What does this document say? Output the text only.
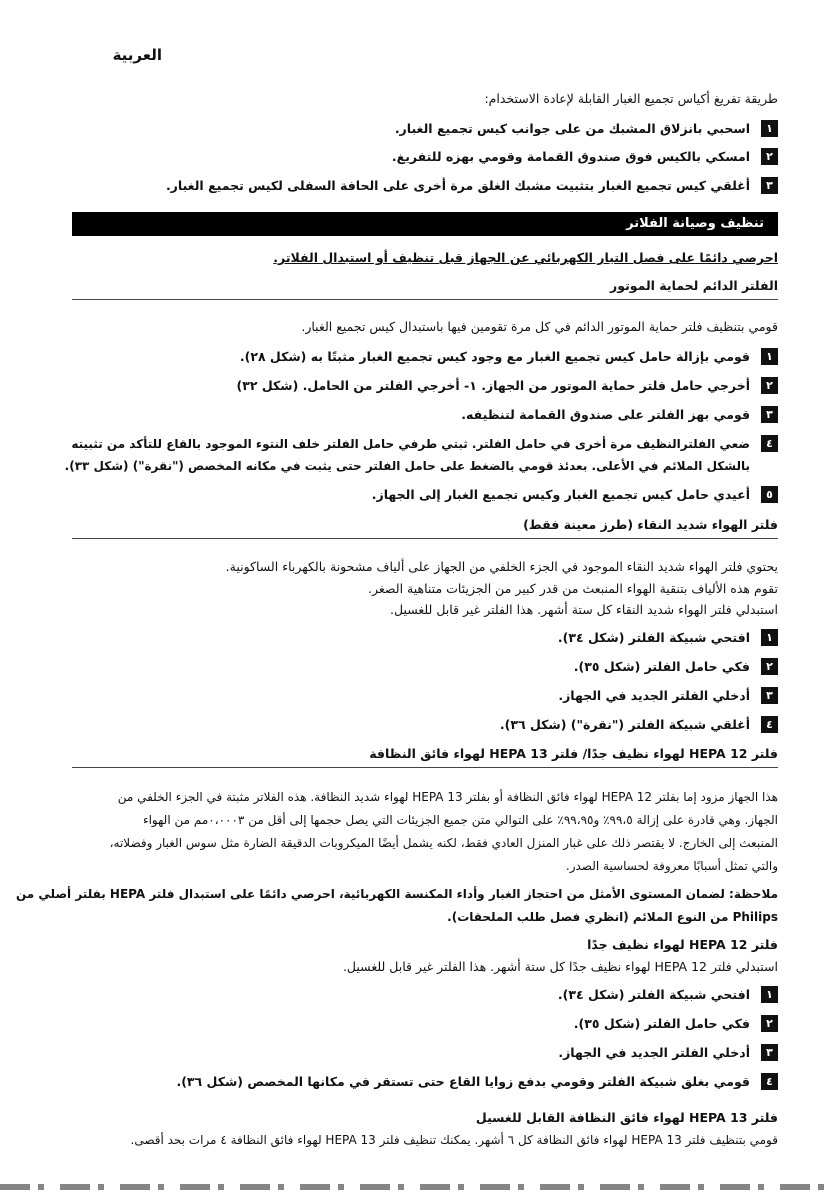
العربية
طريقة تفريغ أكياس تجميع الغبار القابلة لإعادة الاستخدام:
١
اسحبي بانزلاق المشبك من على جوانب كيس تجميع الغبار.
٢
امسكي بالكيس فوق صندوق القمامة وقومي بهزه للتفريغ.
٣
أغلقي كيس تجميع الغبار بتثبيت مشبك الغلق مرة أخرى على الحافة السفلى لكيس تجميع الغبار.
تنظيف وصيانة الفلاتر
احرصي دائمًا على فصل التيار الكهربائي عن الجهاز قبل تنظيف أو استبدال الفلاتر.
الفلتر الدائم لحماية الموتور
قومي بتنظيف فلتر حماية الموتور الدائم في كل مرة تقومين فيها باستبدال كيس تجميع الغبار.
١
قومي بإزالة حامل كيس تجميع الغبار مع وجود كيس تجميع الغبار مثبتًا به (شكل ٢٨).
٢
أخرجي حامل فلتر حماية الموتور من الجهاز. ١- أخرجي الفلتر من الحامل. (شكل ٣٢)
٣
قومي بهز الفلتر على صندوق القمامة لتنظيفه.
٤
ضعي الفلترالنظيف مرة أخرى في حامل الفلتر. ثبتي طرفي حامل الفلتر خلف النتوء الموجود بالقاع للتأكد من تثبيته بالشكل الملائم في الأعلى. بعدئذ قومي بالضغط على حامل الفلتر حتى يثبت في مكانه المخصص ("نقرة") (شكل ٣٣).
٥
أعيدي حامل كيس تجميع الغبار وكيس تجميع الغبار إلى الجهاز.
فلتر الهواء شديد النقاء (طرز معينة فقط)
يحتوي فلتر الهواء شديد النقاء الموجود في الجزء الخلفي من الجهاز على ألياف مشحونة بالكهرباء الساكونية.
تقوم هذه الألياف بتنقية الهواء المنبعث من قدر كبير من الجزيئات متناهية الصغر.
استبدلي فلتر الهواء شديد النقاء كل ستة أشهر. هذا الفلتر غير قابل للغسيل.
١
افتحي شبيكة الفلتر (شكل ٣٤).
٢
فكي حامل الفلتر (شكل ٣٥).
٣
أدخلي الفلتر الجديد في الجهاز.
٤
أغلقي شبيكة الفلتر ("نقرة") (شكل ٣٦).
فلتر HEPA 12 لهواء نظيف جدًا/ فلتر HEPA 13 لهواء فائق النظافة
هذا الجهاز مزود إما بفلتر HEPA 12 لهواء فائق النظافة أو بفلتر HEPA 13 لهواء شديد النظافة. هذه الفلاتر مثبتة في الجزء الخلفي من
الجهاز. وهي قادرة على إزالة ٩٩،٥٪ و٩٩،٩٥٪ على التوالي متن جميع الجزيئات التي يصل حجمها إلى أقل من ٠،٠٠٠٣مم من الهواء
المنبعث إلى الخارج. لا يقتصر ذلك على غبار المنزل العادي فقط، لكنه يشمل أيضًا الميكروبات الدقيقة الضارة مثل سوس الغبار وفضلاته،
والتي تمثل أسبابًا معروفة لحساسية الصدر.
ملاحظة: لضمان المستوى الأمثل من احتجاز الغبار وأداء المكنسة الكهربائية، احرصي دائمًا على استبدال فلتر HEPA بفلتر أصلي من
Philips من النوع الملائم (انظري فصل طلب الملحقات).
فلتر HEPA 12 لهواء نظيف جدًا
استبدلي فلتر HEPA 12 لهواء نظيف جدًا كل ستة أشهر. هذا الفلتر غير قابل للغسيل.
١
افتحي شبيكة الفلتر (شكل ٣٤).
٢
فكي حامل الفلتر (شكل ٣٥).
٣
أدخلي الفلتر الجديد في الجهاز.
٤
قومي بغلق شبيكة الفلتر وقومي بدفع زوايا القاع حتى تستقر في مكانها المخصص (شكل ٣٦).
فلتر HEPA 13 لهواء فائق النظافة القابل للغسيل
قومي بتنظيف فلتر HEPA 13 لهواء فائق النظافة كل ٦ أشهر. يمكنك تنظيف فلتر HEPA 13 لهواء فائق النظافة ٤ مرات بحد أقصى.
